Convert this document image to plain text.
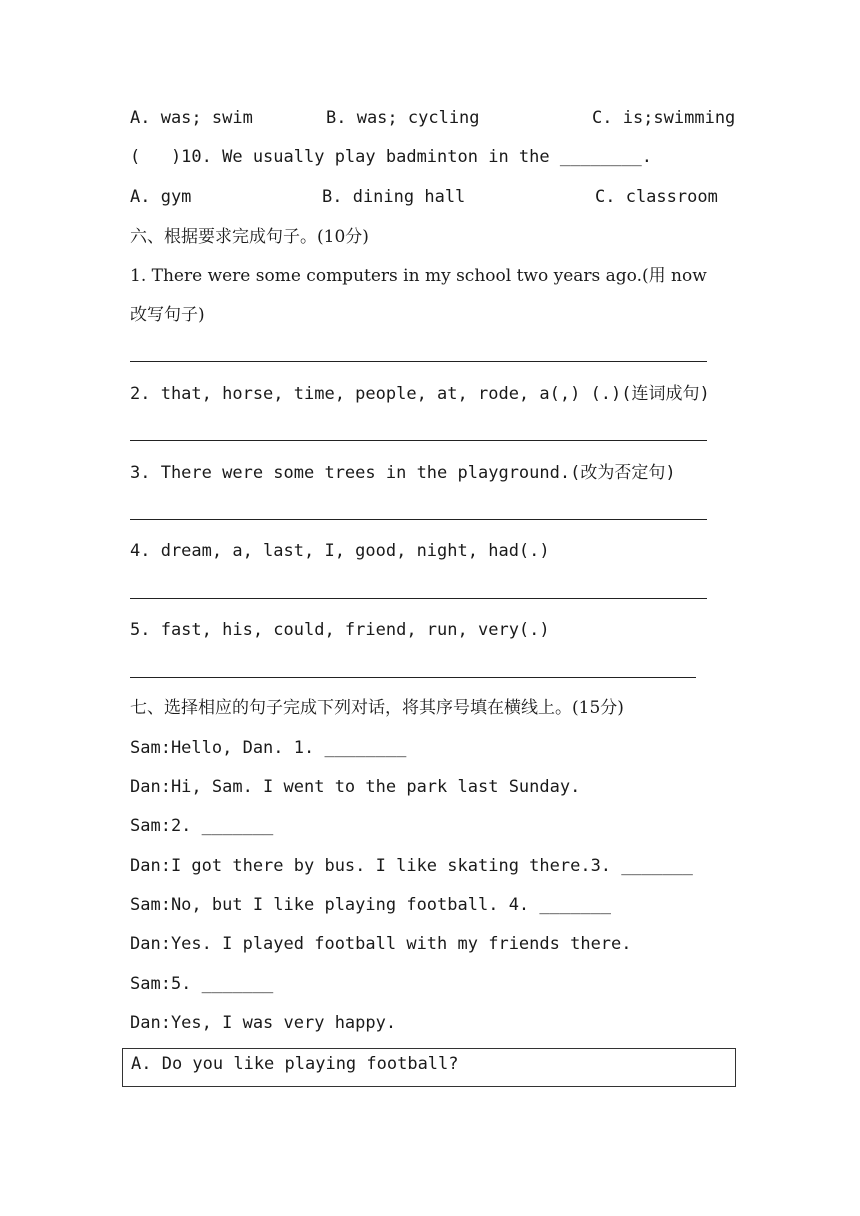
A. was; swim	B. was; cycling	C. is;swimming
(   )10. We usually play badminton in the ________.
A. gym	B. dining hall	C. classroom
六、根据要求完成句子。(10分)
1. There were some computers in my school two years ago.(用 now
改写句子)
2. that, horse, time, people, at, rode, a(,) (.)(连词成句)
3. There were some trees in the playground.(改为否定句)
4. dream, a, last, I, good, night, had(.)
5. fast, his, could, friend, run, very(.)
七、选择相应的句子完成下列对话，将其序号填在横线上。(15分)
Sam:Hello, Dan. 1. ________
Dan:Hi, Sam. I went to the park last Sunday.
Sam:2. _______
Dan:I got there by bus. I like skating there.3. _______
Sam:No, but I like playing football. 4. _______
Dan:Yes. I played football with my friends there.
Sam:5. _______
Dan:Yes, I was very happy.
A. Do you like playing football?
